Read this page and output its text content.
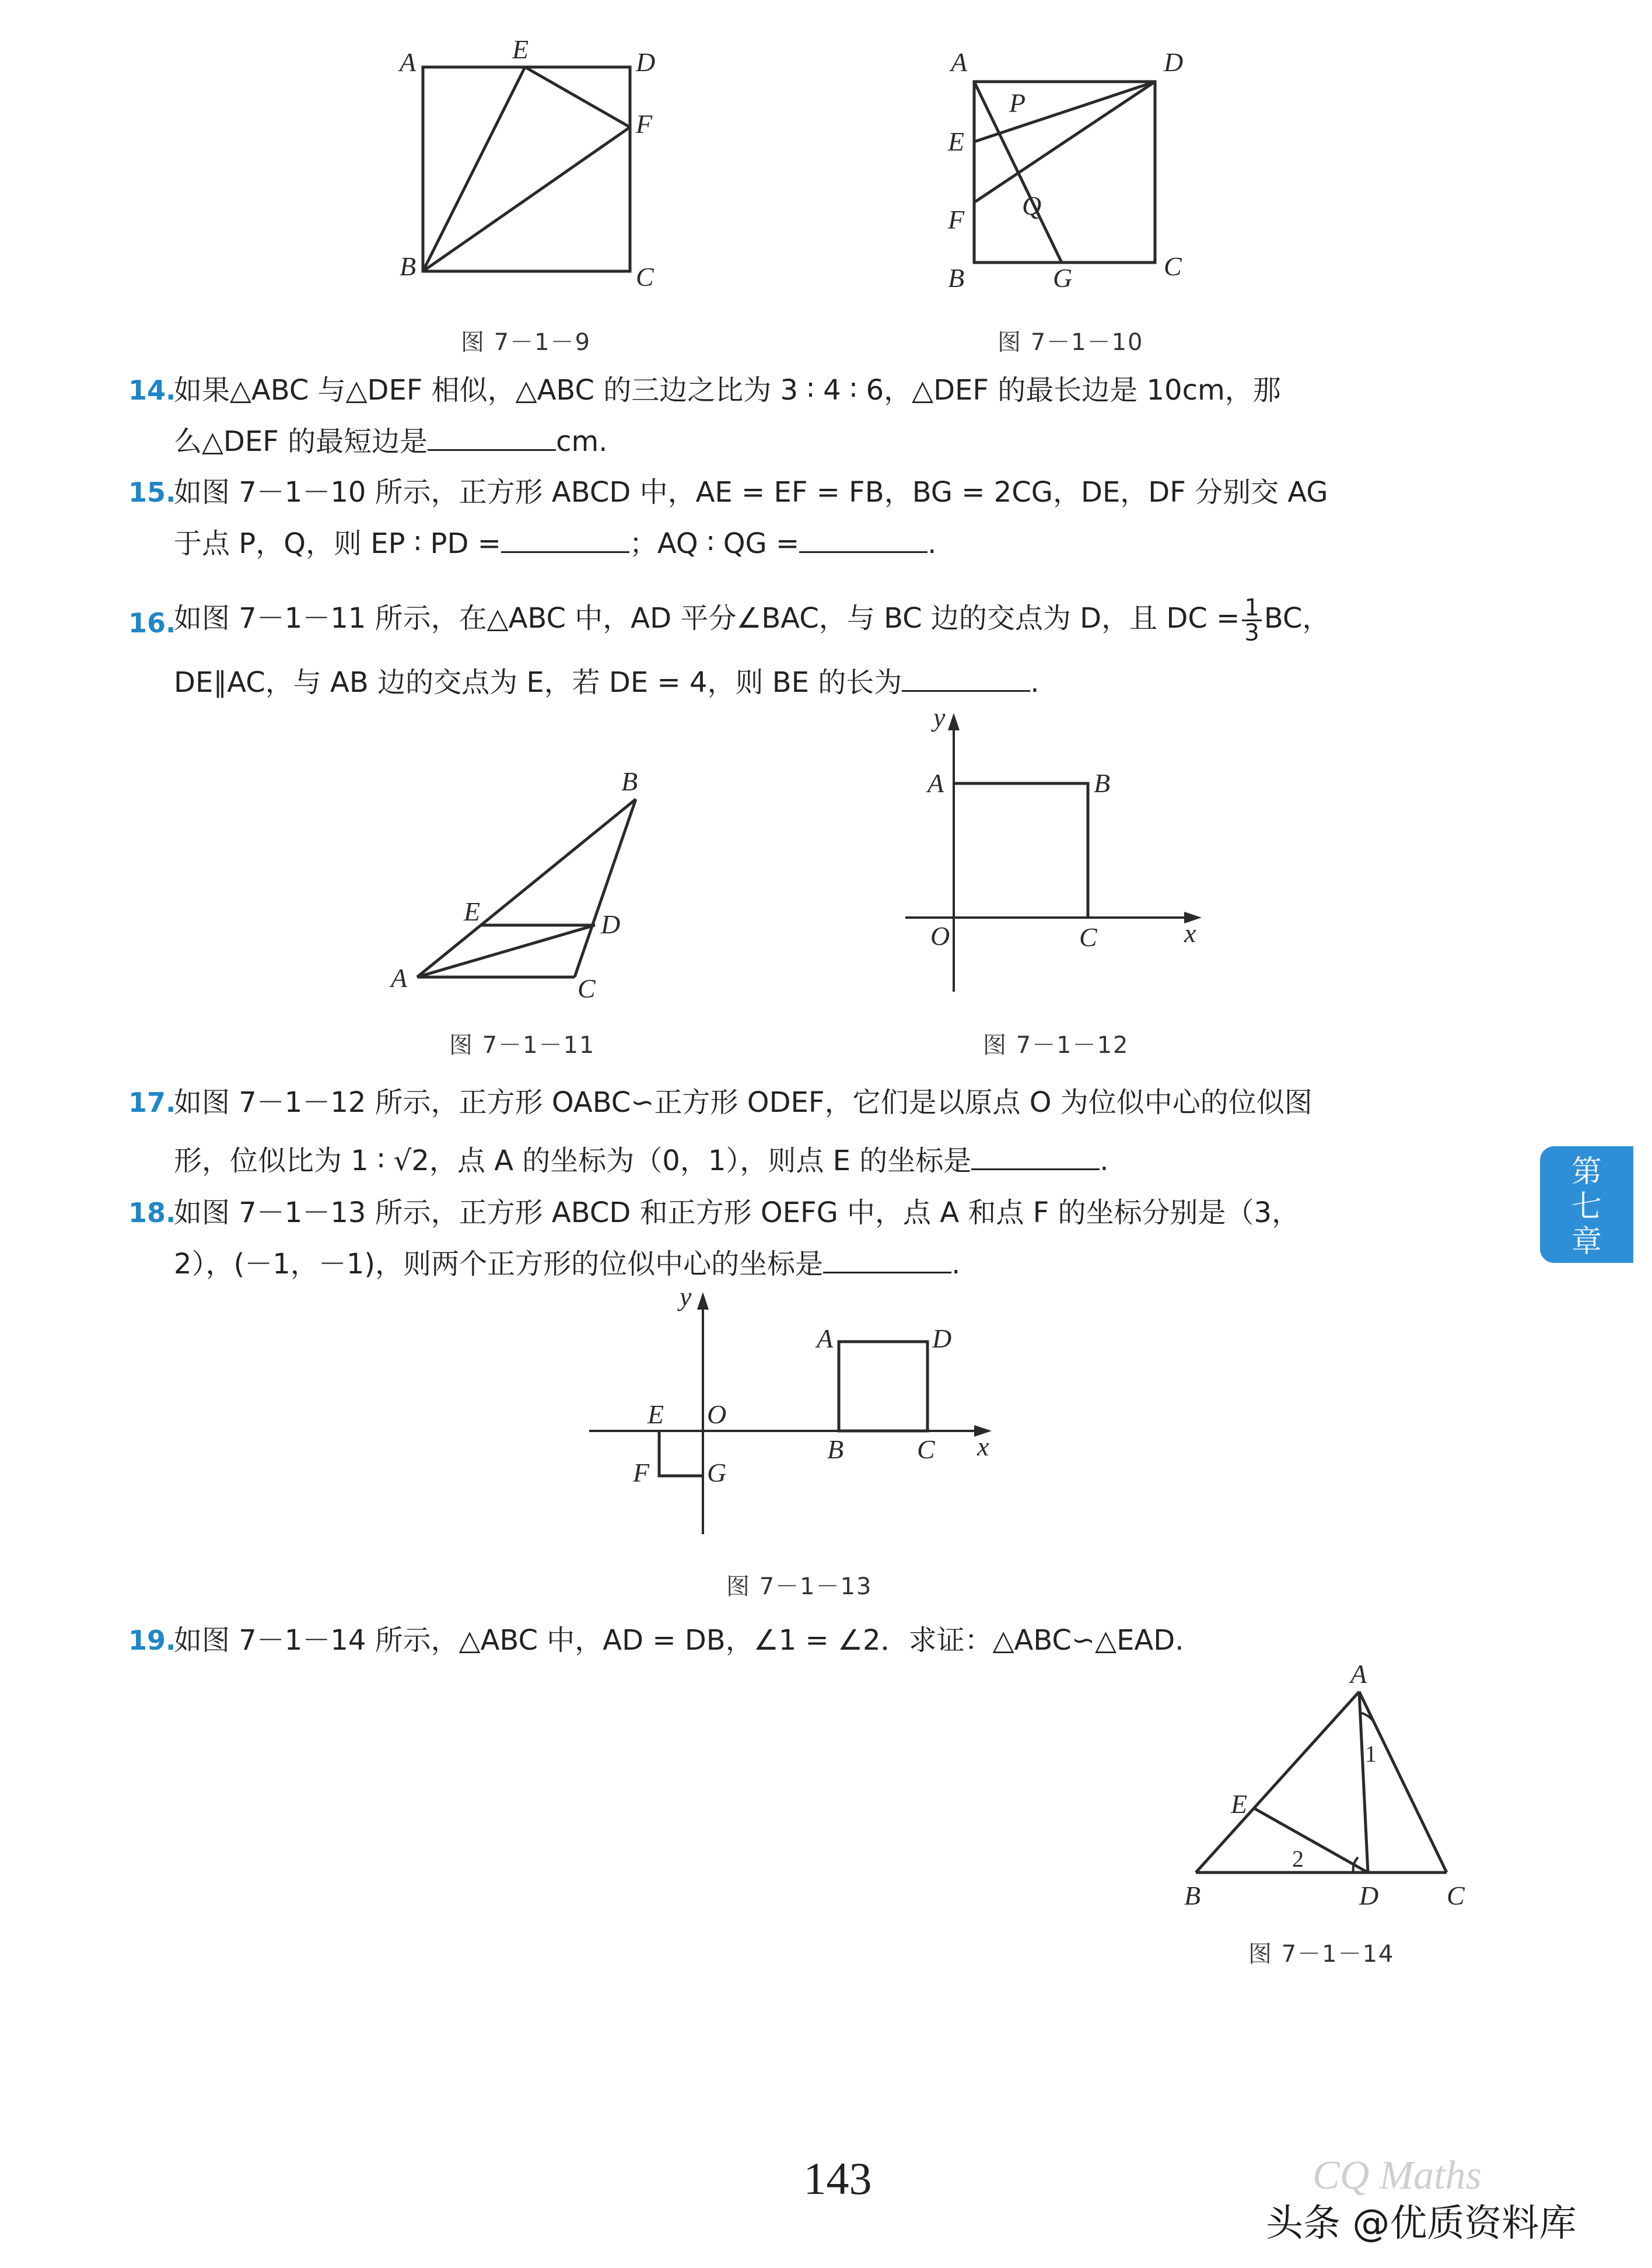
A	E	D
F
B	C
图 7－1－9
A	D
P
E
Q
F
B	G	C
图 7－1－10
14.
如果△ABC 与△DEF 相似，△ABC 的三边之比为 3 ∶ 4 ∶ 6，△DEF 的最长边是 10cm，那
么△DEF 的最短边是	cm.
15.
如图 7－1－10 所示，正方形 ABCD 中，AE = EF = FB，BG = 2CG，DE，DF 分别交 AG
于点 P，Q，则 EP ∶ PD =	；AQ ∶ QG =	.
16.
如图 7－1－11 所示，在△ABC 中，AD 平分∠BAC，与 BC 边的交点为 D，且 DC = $\frac{1}{3}$ BC，
DE∥AC，与 AB 边的交点为 E，若 DE = 4，则 BE 的长为	.
B
E	D
A	C
图 7－1－11
y
A	B
O	C	x
图 7－1－12
17.
如图 7－1－12 所示，正方形 OABC∽正方形 ODEF，它们是以原点 O 为位似中心的位似图
形，位似比为 1 ∶ √2，点 A 的坐标为（0，1），则点 E 的坐标是	.
18.
如图 7－1－13 所示，正方形 ABCD 和正方形 OEFG 中，点 A 和点 F 的坐标分别是（3，
2），(－1，－1)，则两个正方形的位似中心的坐标是	.
第
七
章
y
A	D
E O
B	C x
F G
图 7－1－13
19.
如图 7－1－14 所示，△ABC 中，AD = DB，∠1 = ∠2．求证：△ABC∽△EAD.
A
E
1
2
B	D	C
图 7－1－14
143	CQ Maths
头条 @优质资料库
